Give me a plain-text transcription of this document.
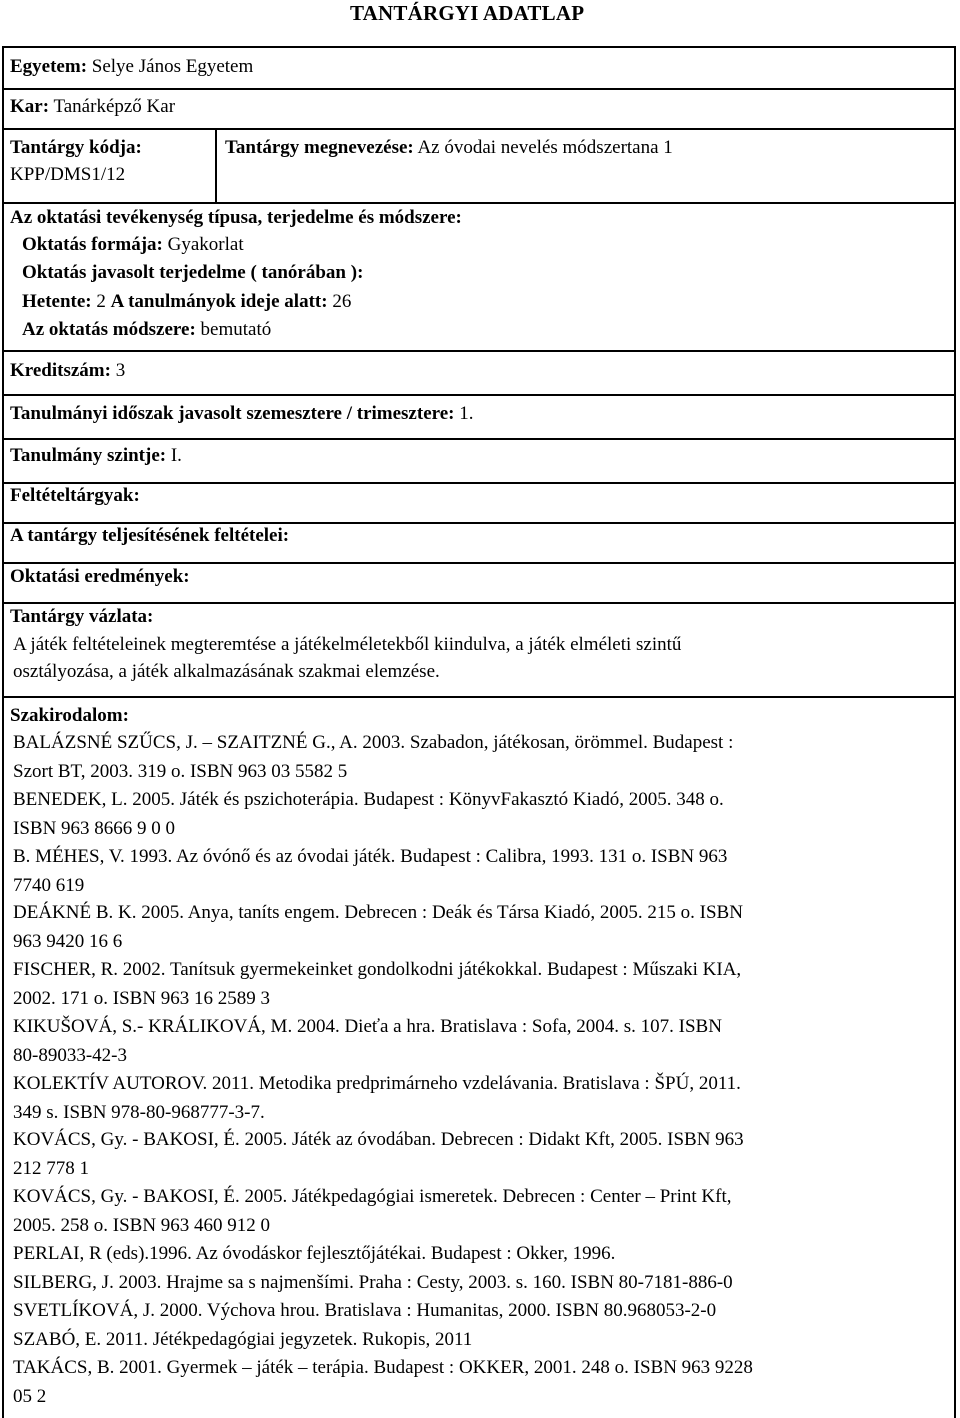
TANTÁRGYI ADATLAP
Egyetem: Selye János Egyetem
Kar: Tanárképző Kar
Tantárgy kódja:
KPP/DMS1/12
Tantárgy megnevezése: Az óvodai nevelés módszertana 1
Az oktatási tevékenység típusa, terjedelme és módszere:
Oktatás formája: Gyakorlat
Oktatás javasolt terjedelme ( tanórában ):
Hetente: 2 A tanulmányok ideje alatt: 26
Az oktatás módszere: bemutató
Kreditszám: 3
Tanulmányi időszak javasolt szemesztere / trimesztere: 1.
Tanulmány szintje: I.
Feltételtárgyak:
A tantárgy teljesítésének feltételei:
Oktatási eredmények:
Tantárgy vázlata:
A játék feltételeinek megteremtése a játékelméletekből kiindulva, a játék elméleti szintű
osztályozása, a játék alkalmazásának szakmai elemzése.
Szakirodalom:
BALÁZSNÉ SZŰCS, J. – SZAITZNÉ G., A. 2003. Szabadon, játékosan, örömmel. Budapest :
Szort BT, 2003. 319 o. ISBN 963 03 5582 5
BENEDEK, L. 2005. Játék és pszichoterápia. Budapest : KönyvFakasztó Kiadó, 2005. 348 o.
ISBN 963 8666 9 0 0
B. MÉHES, V. 1993. Az óvónő és az óvodai játék. Budapest : Calibra, 1993. 131 o. ISBN 963
7740 619
DEÁKNÉ B. K. 2005. Anya, taníts engem. Debrecen : Deák és Társa Kiadó, 2005. 215 o. ISBN
963 9420 16 6
FISCHER, R. 2002. Tanítsuk gyermekeinket gondolkodni játékokkal. Budapest : Műszaki KIA,
2002. 171 o. ISBN 963 16 2589 3
KIKUŠOVÁ, S.- KRÁLIKOVÁ, M. 2004. Dieťa a hra. Bratislava : Sofa, 2004. s. 107. ISBN
80-89033-42-3
KOLEKTÍV AUTOROV. 2011. Metodika predprimárneho vzdelávania. Bratislava : ŠPÚ, 2011.
349 s. ISBN 978-80-968777-3-7.
KOVÁCS, Gy. - BAKOSI, É. 2005. Játék az óvodában. Debrecen : Didakt Kft, 2005. ISBN 963
212 778 1
KOVÁCS, Gy. - BAKOSI, É. 2005. Játékpedagógiai ismeretek. Debrecen : Center – Print Kft,
2005. 258 o. ISBN 963 460 912 0
PERLAI, R (eds).1996. Az óvodáskor fejlesztőjátékai. Budapest : Okker, 1996.
SILBERG, J. 2003. Hrajme sa s najmenšími. Praha : Cesty, 2003. s. 160. ISBN 80-7181-886-0
SVETLÍKOVÁ, J. 2000. Výchova hrou. Bratislava : Humanitas, 2000. ISBN 80.968053-2-0
SZABÓ, E. 2011. Jétékpedagógiai jegyzetek. Rukopis, 2011
TAKÁCS, B. 2001. Gyermek – játék – terápia. Budapest : OKKER, 2001. 248 o. ISBN 963 9228
05 2
